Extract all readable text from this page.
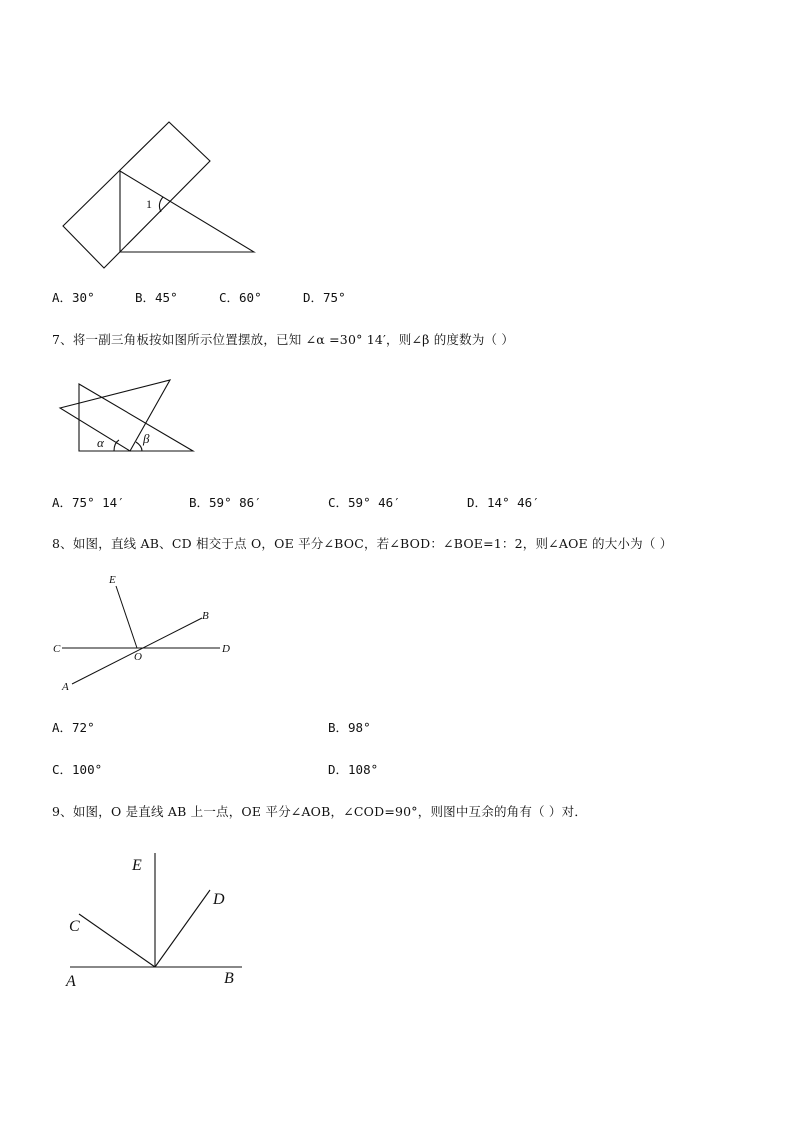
1
A．30°	B．45°	C．60°	D．75°
7、将一副三角板按如图所示位置摆放，已知 ∠α =30° 14′，则∠β 的度数为（ ）
α	β
A．75° 14′	B．59° 86′	C．59° 46′	D．14° 46′
8、如图，直线 AB、CD 相交于点 O，OE 平分∠BOC，若∠BOD：∠BOE=1：2，则∠AOE 的大小为（ ）
E
B
C
O
D
A
A．72°	B．98°
C．100°	D．108°
9、如图，O 是直线 AB 上一点，OE 平分∠AOB，∠COD=90°，则图中互余的角有（ ）对．
E
D
C
A	B
